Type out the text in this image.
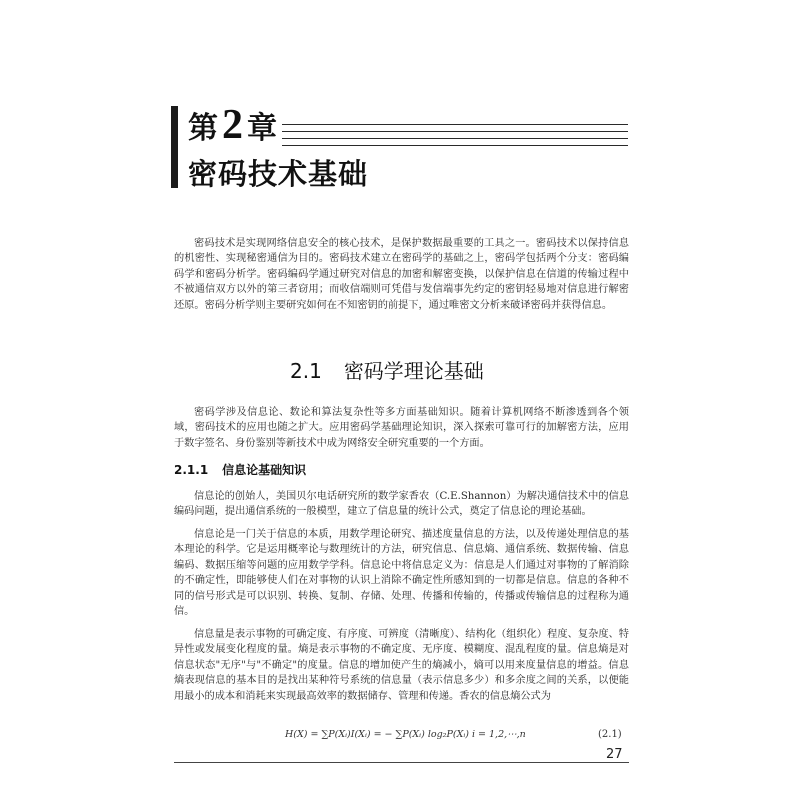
第 2 章
密码技术基础

密码技术是实现网络信息安全的核心技术，是保护数据最重要的工具之一。密码技术以保持信息的机密性、实现秘密通信为目的。密码技术建立在密码学的基础之上，密码学包括两个分支：密码编码学和密码分析学。密码编码学通过研究对信息的加密和解密变换，以保护信息在信道的传输过程中不被通信双方以外的第三者窃用；而收信端则可凭借与发信端事先约定的密钥轻易地对信息进行解密还原。密码分析学则主要研究如何在不知密钥的前提下，通过唯密文分析来破译密码并获得信息。

2.1 密码学理论基础

密码学涉及信息论、数论和算法复杂性等多方面基础知识。随着计算机网络不断渗透到各个领域，密码技术的应用也随之扩大。应用密码学基础理论知识，深入探索可靠可行的加解密方法，应用于数字签名、身份鉴别等新技术中成为网络安全研究重要的一个方面。

2.1.1 信息论基础知识

信息论的创始人，美国贝尔电话研究所的数学家香农（C.E.Shannon）为解决通信技术中的信息编码问题，提出通信系统的一般模型，建立了信息量的统计公式，奠定了信息论的理论基础。

信息论是一门关于信息的本质，用数学理论研究、描述度量信息的方法，以及传递处理信息的基本理论的科学。它是运用概率论与数理统计的方法，研究信息、信息熵、通信系统、数据传输、信息编码、数据压缩等问题的应用数学学科。信息论中将信息定义为：信息是人们通过对事物的了解消除的不确定性，即能够使人们在对事物的认识上消除不确定性所感知到的一切都是信息。信息的各种不同的信号形式是可以识别、转换、复制、存储、处理、传播和传输的，传播或传输信息的过程称为通信。

信息量是表示事物的可确定度、有序度、可辨度（清晰度）、结构化（组织化）程度、复杂度、特异性或发展变化程度的量。熵是表示事物的不确定度、无序度、模糊度、混乱程度的量。信息熵是对信息状态"无序"与"不确定"的度量。信息的增加使产生的熵减小，熵可以用来度量信息的增益。信息熵表现信息的基本目的是找出某种符号系统的信息量（表示信息多少）和多余度之间的关系，以便能用最小的成本和消耗来实现最高效率的数据储存、管理和传递。香农的信息熵公式为

H(X) = ∑P(Xᵢ)I(Xᵢ) = − ∑P(Xᵢ) log₂P(Xᵢ) i = 1,2,⋯,n	(2.1)
27
